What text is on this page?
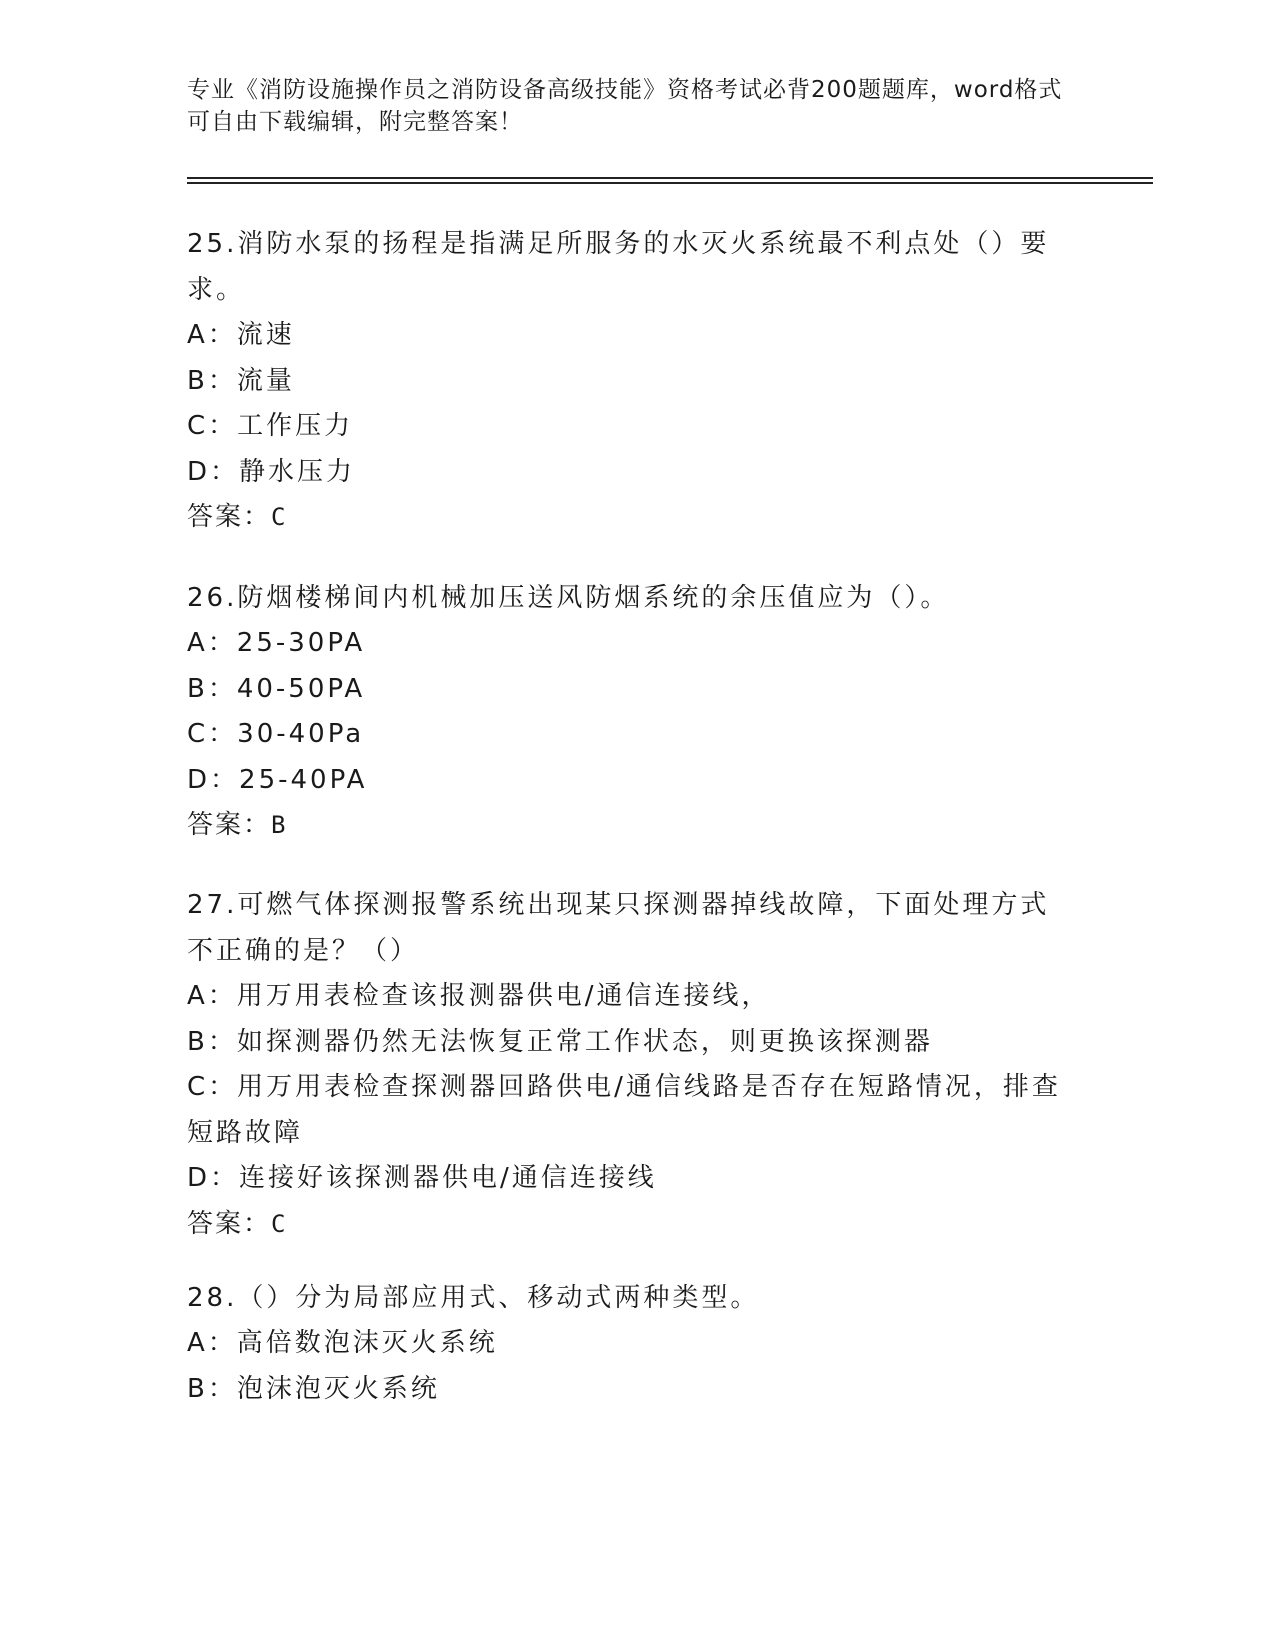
专业《消防设施操作员之消防设备高级技能》资格考试必背200题题库，word格式可自由下载编辑，附完整答案！
25.消防水泵的扬程是指满足所服务的水灭火系统最不利点处（）要求。
A：流速
B：流量
C：工作压力
D：静水压力
答案：C
26.防烟楼梯间内机械加压送风防烟系统的余压值应为（）。
A：25-30PA
B：40-50PA
C：30-40Pa
D：25-40PA
答案：B
27.可燃气体探测报警系统出现某只探测器掉线故障，下面处理方式不正确的是？（）
A：用万用表检查该报测器供电/通信连接线，
B：如探测器仍然无法恢复正常工作状态，则更换该探测器
C：用万用表检查探测器回路供电/通信线路是否存在短路情况，排查短路故障
D：连接好该探测器供电/通信连接线
答案：C
28.（）分为局部应用式、移动式两种类型。
A：高倍数泡沫灭火系统
B：泡沫泡灭火系统
